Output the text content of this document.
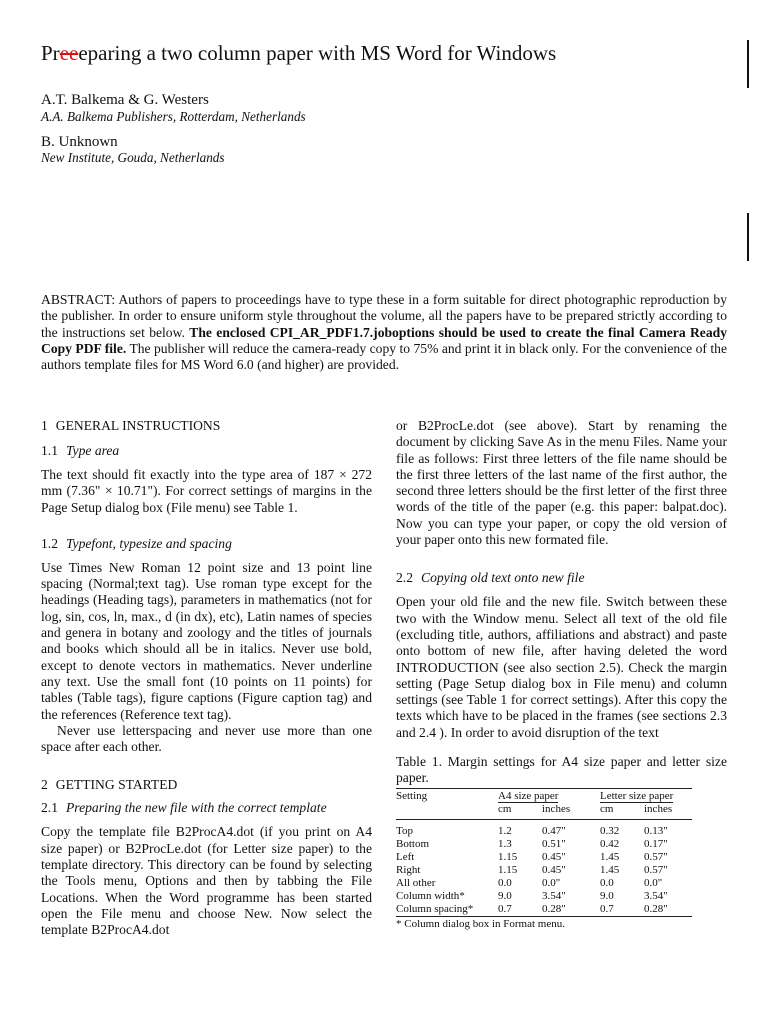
Preeeparing a two column paper with MS Word for Windows
A.T. Balkema & G. Westers
A.A. Balkema Publishers, Rotterdam, Netherlands
B. Unknown
New Institute, Gouda, Netherlands

ABSTRACT: Authors of papers to proceedings have to type these in a form suitable for direct photographic reproduction by the publisher. In order to ensure uniform style throughout the volume, all the papers have to be prepared strictly according to the instructions set below. The enclosed CPI_AR_PDF1.7.joboptions should be used to create the final Camera Ready Copy PDF file. The publisher will reduce the camera-ready copy to 75% and print it in black only. For the convenience of the authors template files for MS Word 6.0 (and higher) are provided.

1 GENERAL INSTRUCTIONS
1.1 Type area

The text should fit exactly into the type area of 187 × 272 mm (7.36" × 10.71"). For correct settings of margins in the Page Setup dialog box (File menu) see Table 1.

1.2 Typefont, typesize and spacing

Use Times New Roman 12 point size and 13 point line spacing (Normal;text tag). Use roman type except for the headings (Heading tags), parameters in mathematics (not for log, sin, cos, ln, max., d (in dx), etc), Latin names of species and genera in botany and zoology and the titles of journals and books which should all be in italics. Never use bold, except to denote vectors in mathematics. Never underline any text. Use the small font (10 points on 11 points) for tables (Table tags), figure captions (Figure caption tag) and the references (Reference text tag).

Never use letterspacing and never use more than one space after each other.

2 GETTING STARTED
2.1 Preparing the new file with the correct template

Copy the template file B2ProcA4.dot (if you print on A4 size paper) or B2ProcLe.dot (for Letter size paper) to the template directory. This directory can be found by selecting the Tools menu, Options and then by tabbing the File Locations. When the Word programme has been started open the File menu and choose New. Now select the template B2ProcA4.dot

or B2ProcLe.dot (see above). Start by renaming the document by clicking Save As in the menu Files. Name your file as follows: First three letters of the file name should be the first three letters of the last name of the first author, the second three letters should be the first letter of the first three words of the title of the paper (e.g. this paper: balpat.doc). Now you can type your paper, or copy the old version of your paper onto this new formated file.

2.2 Copying old text onto new file

Open your old file and the new file. Switch between these two with the Window menu. Select all text of the old file (excluding title, authors, affiliations and abstract) and paste onto bottom of new file, after having deleted the word INTRODUCTION (see also section 2.5). Check the margin setting (Page Setup dialog box in File menu) and column settings (see Table 1 for correct settings). After this copy the texts which have to be placed in the frames (see sections 2.3 and 2.4 ). In order to avoid disruption of the text

Table 1. Margin settings for A4 size paper and letter size paper.

Setting	A4 size paper		Letter size paper	
	cm	inches	cm	inches
Top	1.2	0.47"	0.32	0.13"
Bottom	1.3	0.51"	0.42	0.17"
Left	1.15	0.45"	1.45	0.57"
Right	1.15	0.45"	1.45	0.57"
All other	0.0	0.0"	0.0	0.0"
Column width*	9.0	3.54"	9.0	3.54"
Column spacing*	0.7	0.28"	0.7	0.28"

* Column dialog box in Format menu.
